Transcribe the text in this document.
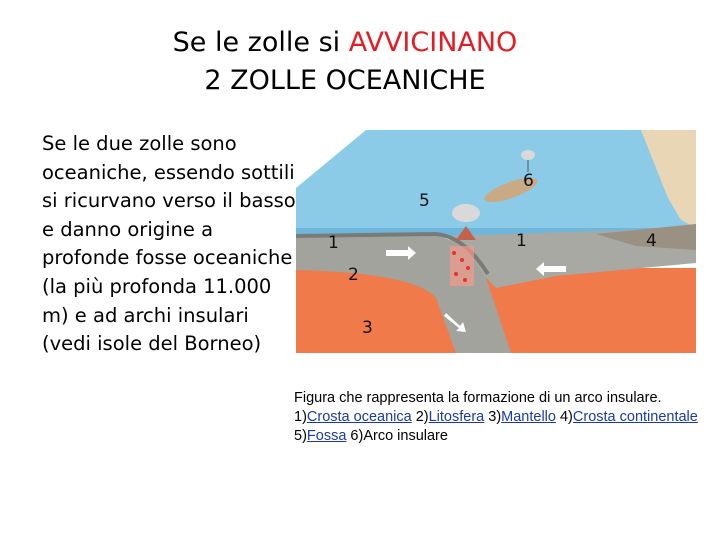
Se le zolle si AVVICINANO
2 ZOLLE OCEANICHE
Se le due zolle sono oceaniche, essendo sottili si ricurvano verso il basso e danno origine a profonde fosse oceaniche (la più profonda 11.000 m) e ad archi insulari (vedi isole del Borneo)
1	1
2
3
4
5
6
Figura che rappresenta la formazione di un arco insulare. 1)Crosta oceanica 2)Litosfera 3)Mantello 4)Crosta continentale 5)Fossa 6)Arco insulare
